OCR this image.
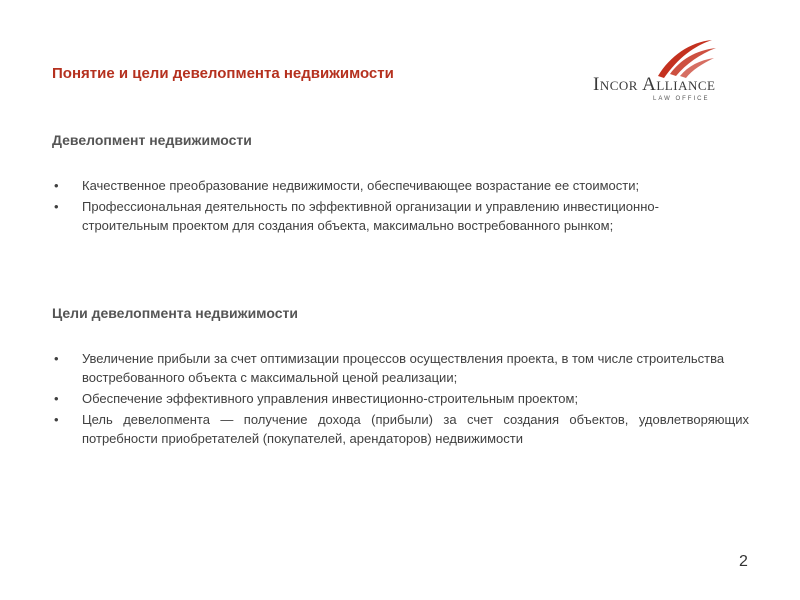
Понятие и цели девелопмента недвижимости
Incor Alliance
LAW OFFICE
Девелопмент недвижимости
• Качественное преобразование недвижимости, обеспечивающее возрастание ее стоимости;
• Профессиональная деятельность по эффективной организации и управлению инвестиционно-строительным проектом для создания объекта, максимально востребованного рынком;
Цели девелопмента недвижимости
• Увеличение прибыли за счет оптимизации процессов осуществления проекта, в том числе строительства востребованного объекта с максимальной ценой реализации;
• Обеспечение эффективного управления инвестиционно-строительным проектом;
• Цель девелопмента — получение дохода (прибыли) за счет создания объектов, удовлетворяющих потребности приобретателей (покупателей, арендаторов) недвижимости
2
